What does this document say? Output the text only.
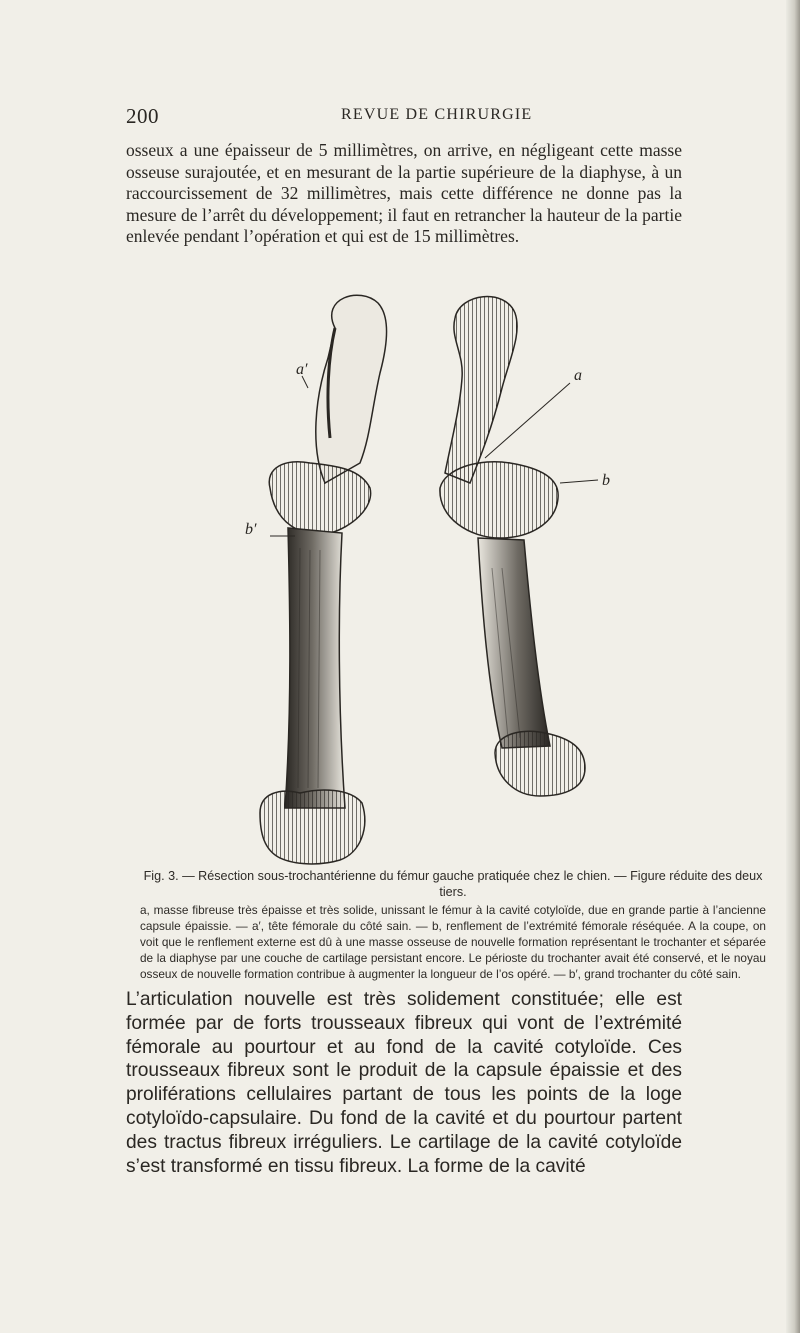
200	REVUE DE CHIRURGIE

osseux a une épaisseur de 5 millimètres, on arrive, en négligeant cette masse osseuse surajoutée, et en mesurant de la partie supérieure de la diaphyse, à un raccourcissement de 32 millimètres, mais cette différence ne donne pas la mesure de l’arrêt du développement; il faut en retrancher la hauteur de la partie enlevée pendant l’opération et qui est de 15 millimètres.

a′	a
b
b′

Fig. 3. — Résection sous-trochantérienne du fémur gauche pratiquée chez le chien. — Figure réduite des deux tiers.

a, masse fibreuse très épaisse et très solide, unissant le fémur à la cavité cotyloïde, due en grande partie à l’ancienne capsule épaissie. — a′, tête fémorale du côté sain. — b, renflement de l’extrémité fémorale réséquée. A la coupe, on voit que le renflement externe est dû à une masse osseuse de nouvelle formation représentant le trochanter et séparée de la diaphyse par une couche de cartilage persistant encore. Le périoste du trochanter avait été conservé, et le noyau osseux de nouvelle formation contribue à augmenter la longueur de l’os opéré. — b′, grand trochanter du côté sain.

L’articulation nouvelle est très solidement constituée; elle est formée par de forts trousseaux fibreux qui vont de l’extrémité fémorale au pourtour et au fond de la cavité cotyloïde. Ces trousseaux fibreux sont le produit de la capsule épaissie et des proliférations cellulaires partant de tous les points de la loge cotyloïdo-capsulaire. Du fond de la cavité et du pourtour partent des tractus fibreux irréguliers. Le cartilage de la cavité cotyloïde s’est transformé en tissu fibreux. La forme de la cavité
